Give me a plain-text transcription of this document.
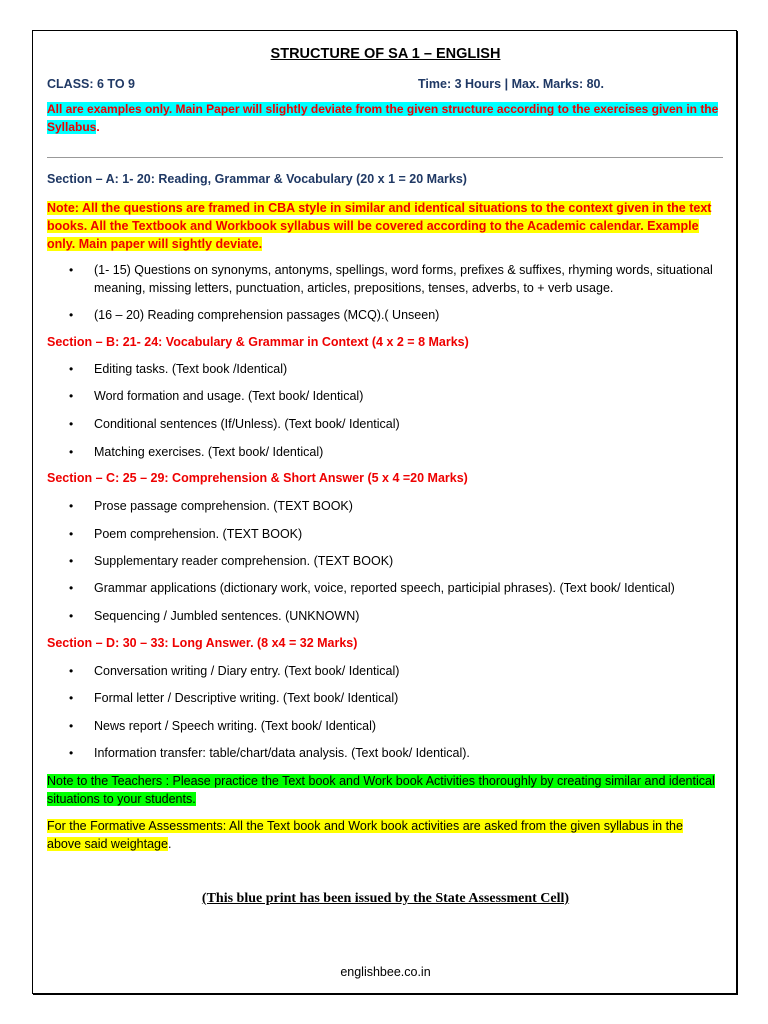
STRUCTURE OF SA 1 – ENGLISH
CLASS: 6 TO 9	Time: 3 Hours | Max. Marks: 80.
All are examples only. Main Paper will slightly deviate from the given structure according to the exercises given in the Syllabus.
Section – A: 1- 20: Reading, Grammar & Vocabulary (20 x 1 = 20 Marks)
Note: All the questions are framed in CBA style in similar and identical situations to the context given in the text books. All the Textbook and Workbook syllabus will be covered according to the Academic calendar. Example only. Main paper will sightly deviate.
• (1- 15) Questions on synonyms, antonyms, spellings, word forms, prefixes & suffixes, rhyming words, situational meaning, missing letters, punctuation, articles, prepositions, tenses, adverbs, to + verb usage.
• (16 – 20) Reading comprehension passages (MCQ).( Unseen)
Section – B: 21- 24: Vocabulary & Grammar in Context (4 x 2 = 8 Marks)
• Editing tasks. (Text book /Identical)
• Word formation and usage. (Text book/ Identical)
• Conditional sentences (If/Unless). (Text book/ Identical)
• Matching exercises. (Text book/ Identical)
Section – C: 25 – 29: Comprehension & Short Answer (5 x 4 =20 Marks)
• Prose passage comprehension. (TEXT BOOK)
• Poem comprehension. (TEXT BOOK)
• Supplementary reader comprehension. (TEXT BOOK)
• Grammar applications (dictionary work, voice, reported speech, participial phrases). (Text book/ Identical)
• Sequencing / Jumbled sentences. (UNKNOWN)
Section – D: 30 – 33: Long Answer. (8 x4 = 32 Marks)
• Conversation writing / Diary entry. (Text book/ Identical)
• Formal letter / Descriptive writing. (Text book/ Identical)
• News report / Speech writing. (Text book/ Identical)
• Information transfer: table/chart/data analysis. (Text book/ Identical).
Note to the Teachers : Please practice the Text book and Work book Activities thoroughly by creating similar and identical situations to your students.
For the Formative Assessments: All the Text book and Work book activities are asked from the given syllabus in the above said weightage.
(This blue print has been issued by the State Assessment Cell)
englishbee.co.in
